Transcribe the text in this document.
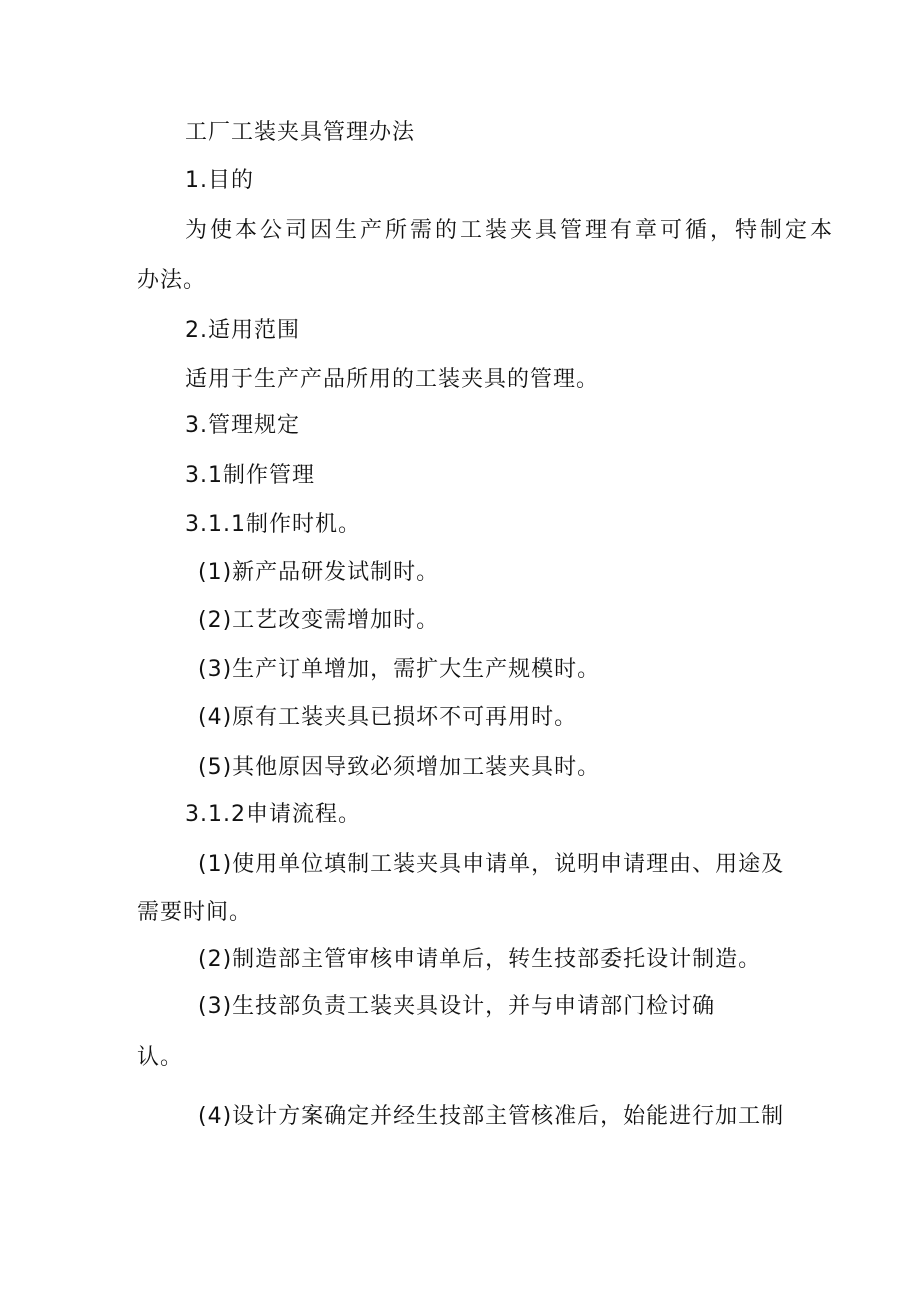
工厂工装夹具管理办法
1.目的
为使本公司因生产所需的工装夹具管理有章可循，特制定本
办法。
2.适用范围
适用于生产产品所用的工装夹具的管理。
3.管理规定
3.1制作管理
3.1.1制作时机。
(1)新产品研发试制时。
(2)工艺改变需增加时。
(3)生产订单增加，需扩大生产规模时。
(4)原有工装夹具已损坏不可再用时。
(5)其他原因导致必须增加工装夹具时。
3.1.2申请流程。
(1)使用单位填制工装夹具申请单，说明申请理由、用途及
需要时间。
(2)制造部主管审核申请单后，转生技部委托设计制造。
(3)生技部负责工装夹具设计，并与申请部门检讨确
认。
(4)设计方案确定并经生技部主管核准后，始能进行加工制
